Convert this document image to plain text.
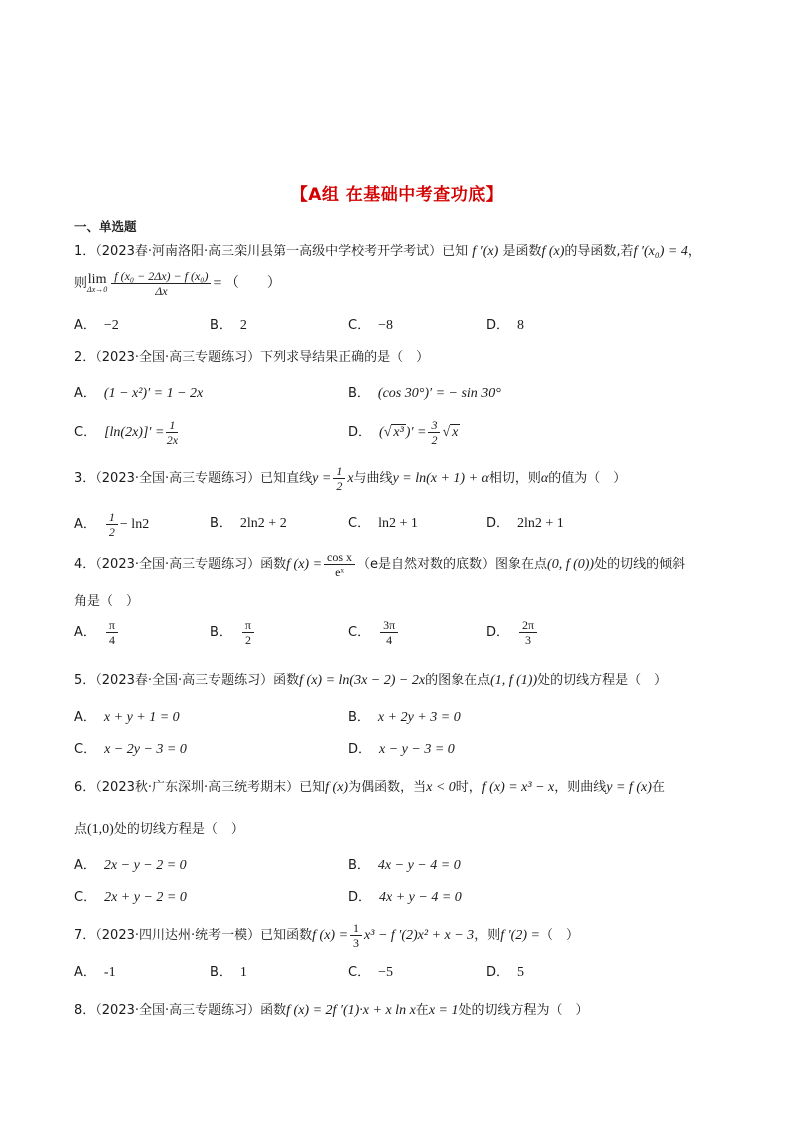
【A组 在基础中考查功底】
一、单选题
1．（2023春·河南洛阳·高三栾川县第一高级中学校考开学考试）已知 f ′(x) 是函数f (x)的导函数,若f ′(x₀) = 4，
则 lim
$\Delta x\to 0 \frac{\text{f (x₀ − 2Δx) − f (x₀)}}{\Delta x}$ = （　　）
A． −2	B． 2	C． −8	D． 8
2．（2023·全国·高三专题练习）下列求导结果正确的是（　）
A． (1 − x²)′ = 1 − 2x	B． (cos 30°)′ = − sin 30°
C． $[\ln(2x)]' = \frac{1}{2x}$	D． (√ x³ )′ = $\frac{3}{2}$ √ x
3．（2023·全国·高三专题练习）已知直线$y = \frac{1}{2}$ x与曲线y = ln(x + 1) + α相切，则α的值为（　）
A． $\frac{1}{2} - \ln 2$	B． 2ln2 + 2	C． ln2 + 1	D． 2ln2 + 1
4．（2023·全国·高三专题练习）函数f $(x) = \frac{\text{cos x}}{\text{eˣ}} (e$是自然对数的底数）图象在点(0, f (0))处的切线的倾斜
角是（　）
A． $\frac{\pi}{4}$	B． $\frac{\pi}{2}$	C． $\frac{3\pi}{4}$	D． $\frac{2\pi}{3}$
5．（2023春·全国·高三专题练习）函数f (x) = ln(3x − 2) − 2x的图象在点(1, f (1))处的切线方程是（　）
A． x + y + 1 = 0	B． x + 2y + 3 = 0
C． x − 2y − 3 = 0	D． x − y − 3 = 0
6．（2023秋·广东深圳·高三统考期末）已知f (x)为偶函数，当x < 0时，f (x) = x³ − x，则曲线y = f (x)在
点(1,0)处的切线方程是（　）
A． 2x − y − 2 = 0	B． 4x − y − 4 = 0
C． 2x + y − 2 = 0	D． 4x + y − 4 = 0
7．（2023·四川达州·统考一模）已知函数f $(x) = \frac{1}{3} x^3 - f$ ′(2)x² + x − 3，则f ′(2) =（　）
A． -1	B． 1	C． −5	D． 5
8．（2023·全国·高三专题练习）函数f (x) = 2f ′(1)·x + x ln x在x = 1处的切线方程为（　）
